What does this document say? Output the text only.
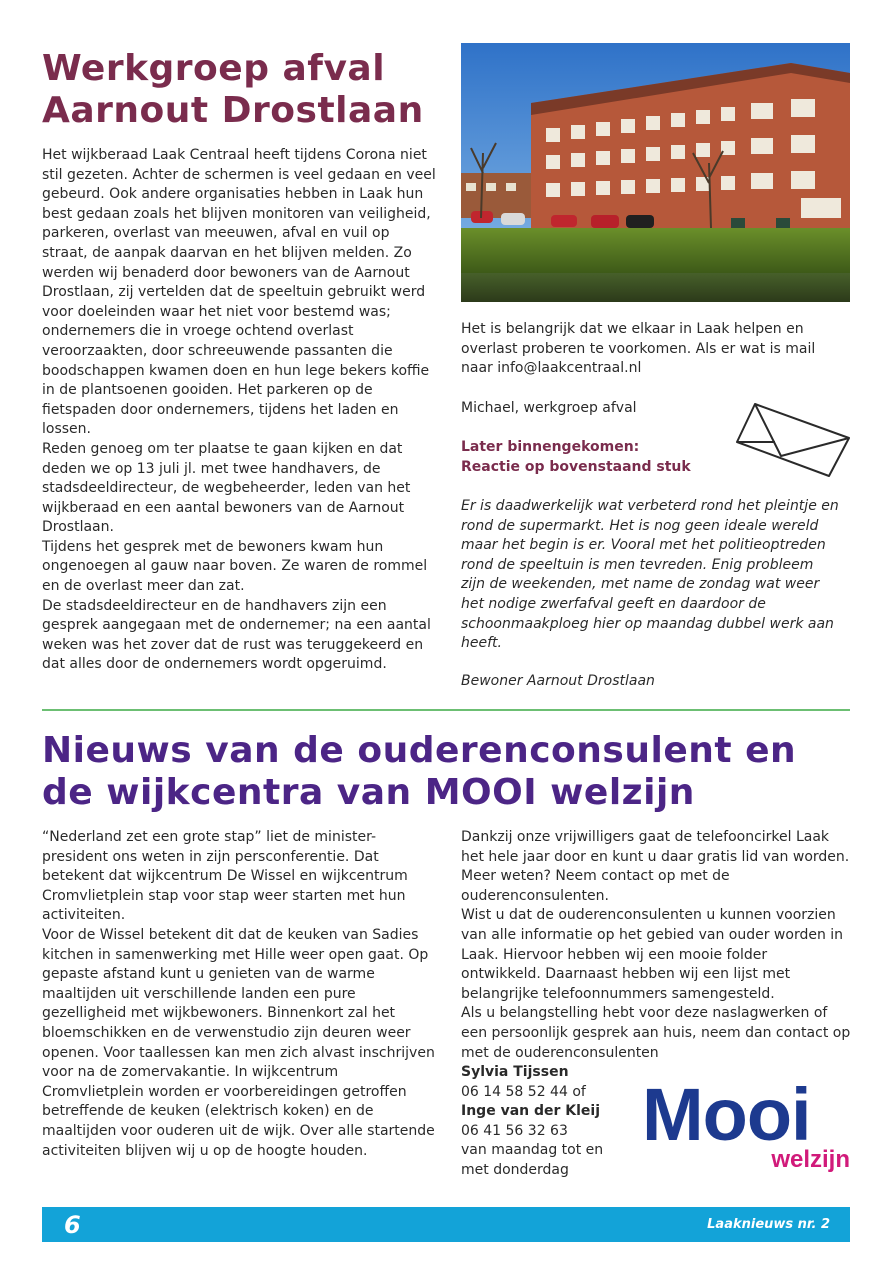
Werkgroep afval
Aarnout Drostlaan

Het wijkberaad Laak Centraal heeft tijdens Corona niet stil gezeten. Achter de schermen is veel gedaan en veel gebeurd. Ook andere organisaties hebben in Laak hun best gedaan zoals het blijven monitoren van veiligheid, parkeren, overlast van meeuwen, afval en vuil op straat, de aanpak daarvan en het blijven melden. Zo werden wij benaderd door bewoners van de Aarnout Drostlaan, zij vertelden dat de speeltuin gebruikt werd voor doeleinden waar het niet voor bestemd was; ondernemers die in vroege ochtend overlast veroorzaakten, door schreeuwende passanten die boodschappen kwamen doen en hun lege bekers koffie in de plantsoenen gooiden. Het parkeren op de fietspaden door ondernemers, tijdens het laden en lossen.

Reden genoeg om ter plaatse te gaan kijken en dat deden we op 13 juli jl. met twee handhavers, de stadsdeeldirecteur, de wegbeheerder, leden van het wijkberaad en een aantal bewoners van de Aarnout Drostlaan.

Tijdens het gesprek met de bewoners kwam hun ongenoegen al gauw naar boven. Ze waren de rommel en de overlast meer dan zat.

De stadsdeeldirecteur en de handhavers zijn een gesprek aangegaan met de ondernemer; na een aantal weken was het zover dat de rust was teruggekeerd en dat alles door de ondernemers wordt opgeruimd.

Het is belangrijk dat we elkaar in Laak helpen en overlast proberen te voorkomen. Als er wat is mail naar info@laakcentraal.nl
Michael, werkgroep afval

Later binnengekomen:

Reactie op bovenstaand stuk

Er is daadwerkelijk wat verbeterd rond het pleintje en rond de supermarkt. Het is nog geen ideale wereld maar het begin is er. Vooral met het politieoptreden rond de speeltuin is men tevreden. Enig probleem zijn de weekenden, met name de zondag wat weer het nodige zwerfafval geeft en daardoor de schoonmaakploeg hier op maandag dubbel werk aan heeft.
Bewoner Aarnout Drostlaan
Nieuws van de ouderenconsulent en
de wijkcentra van MOOI welzijn

“Nederland zet een grote stap” liet de minister-president ons weten in zijn persconferentie. Dat betekent dat wijkcentrum De Wissel en wijkcentrum Cromvlietplein stap voor stap weer starten met hun activiteiten.

Voor de Wissel betekent dit dat de keuken van Sadies kitchen in samenwerking met Hille weer open gaat. Op gepaste afstand kunt u genieten van de warme maaltijden uit verschillende landen een pure gezelligheid met wijkbewoners. Binnenkort zal het bloemschikken en de verwenstudio zijn deuren weer openen. Voor taallessen kan men zich alvast inschrijven voor na de zomervakantie. In wijkcentrum Cromvlietplein worden er voorbereidingen getroffen betreffende de keuken (elektrisch koken) en de maaltijden voor ouderen uit de wijk. Over alle startende activiteiten blijven wij u op de hoogte houden.

Dankzij onze vrijwilligers gaat de telefooncirkel Laak het hele jaar door en kunt u daar gratis lid van worden. Meer weten? Neem contact op met de ouderenconsulenten.

Wist u dat de ouderenconsulenten u kunnen voorzien van alle informatie op het gebied van ouder worden in Laak. Hiervoor hebben wij een mooie folder ontwikkeld. Daarnaast hebben wij een lijst met belangrijke telefoonnummers samengesteld.

Als u belangstelling hebt voor deze naslagwerken of een persoonlijk gesprek aan huis, neem dan contact op met de ouderenconsulenten

Sylvia Tijssen

06 14 58 52 44 of

Inge van der Kleij

06 41 56 32 63

van maandag tot en

met donderdag

Mooi
welzijn
6	Laaknieuws nr. 2
